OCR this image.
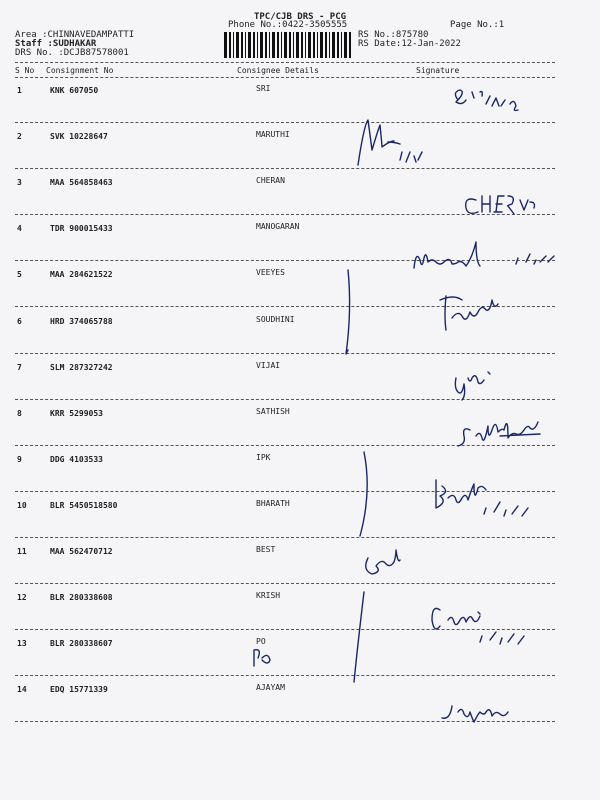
TPC/CJB DRS - PCG
Phone No.:0422-3505555
Area :CHINNAVEDAMPATTI
Staff :SUDHAKAR
DRS No. :DCJB87578001
RS No.:875780
RS Date:12-Jan-2022
Page No.:1
S No Consignment No	Consignee Details	Signature
1	KNK 607050	SRI
2	SVK 10228647	MARUTHI
3	MAA 564858463	CHERAN
4	TDR 900015433	MANOGARAN
5	MAA 284621522	VEEYES
6	HRD 374065788	SOUDHINI
7	SLM 287327242	VIJAI
8	KRR 5299053	SATHISH
9	DDG 4103533	IPK
10	BLR 5450518580	BHARATH
11	MAA 562470712	BEST
12	BLR 280338608	KRISH
13	BLR 280338607	PO
14	EDQ 15771339	AJAYAM
